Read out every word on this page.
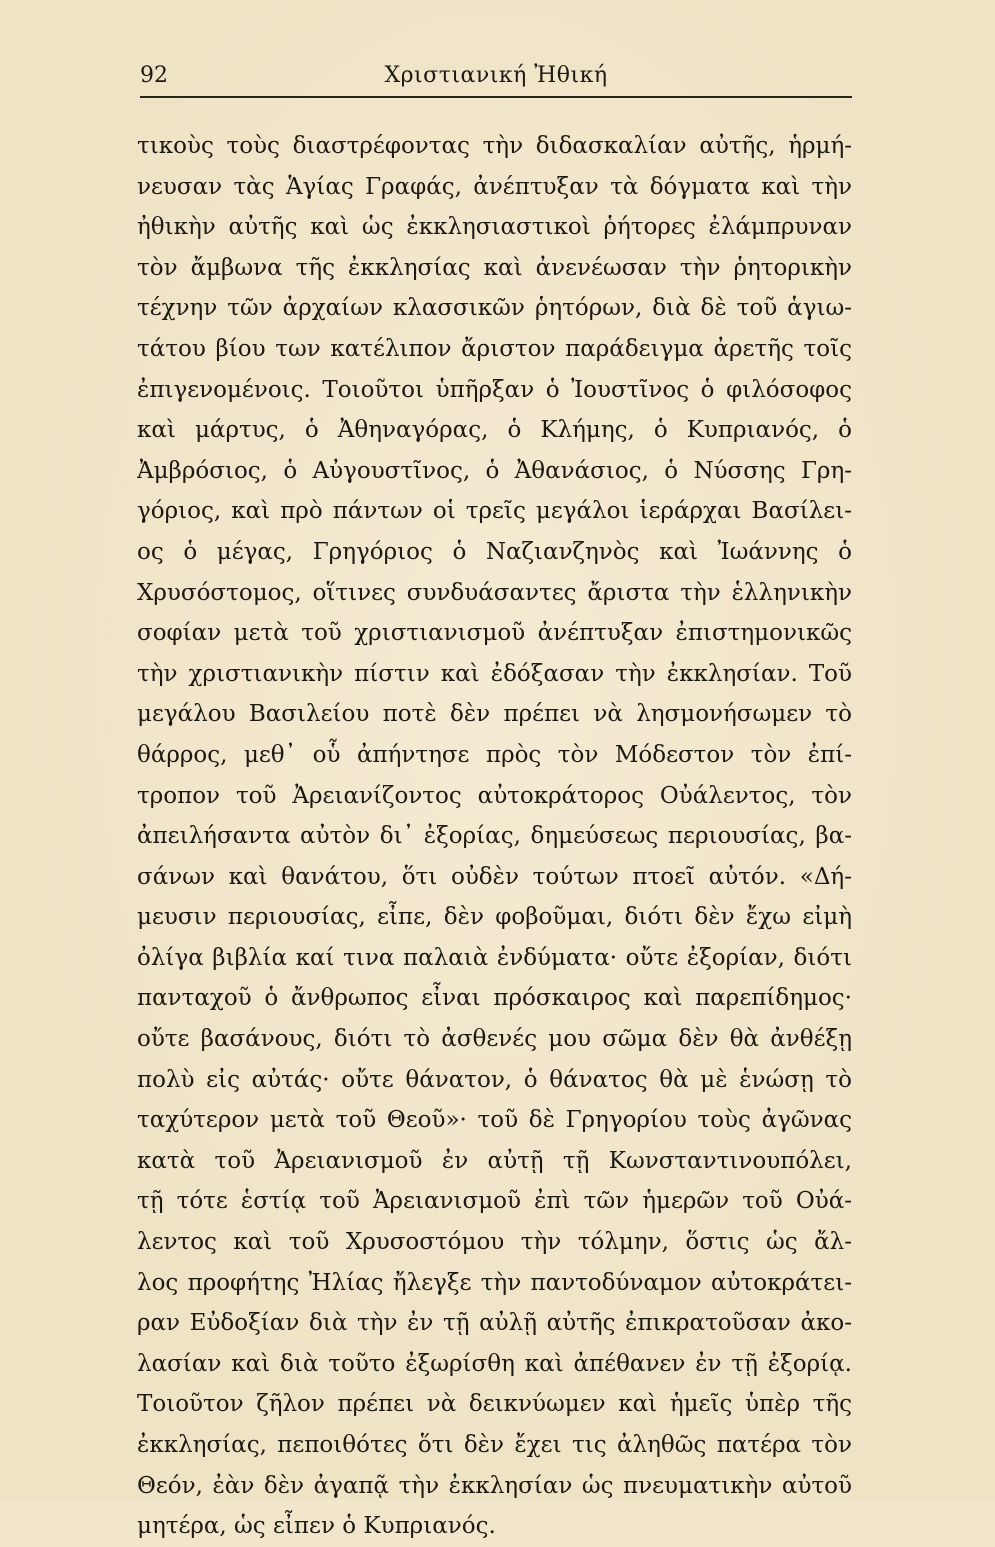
92	Χριστιανική Ἠθική
τικοὺς τοὺς διαστρέφοντας τὴν διδασκαλίαν αὐτῆς, ἡρμή-
νευσαν τὰς Ἁγίας Γραφάς, ἀνέπτυξαν τὰ δόγματα καὶ τὴν
ἠθικὴν αὐτῆς καὶ ὡς ἐκκλησιαστικοὶ ῥήτορες ἐλάμπρυναν
τὸν ἄμβωνα τῆς ἐκκλησίας καὶ ἀνενέωσαν τὴν ῥητορικὴν
τέχνην τῶν ἀρχαίων κλασσικῶν ῥητόρων, διὰ δὲ τοῦ ἁγιω-
τάτου βίου των κατέλιπον ἄριστον παράδειγμα ἀρετῆς τοῖς
ἐπιγενομένοις. Τοιοῦτοι ὑπῆρξαν ὁ Ἰουστῖνος ὁ φιλόσοφος
καὶ μάρτυς, ὁ Ἀθηναγόρας, ὁ Κλήμης, ὁ Κυπριανός, ὁ
Ἀμβρόσιος, ὁ Αὐγουστῖνος, ὁ Ἀθανάσιος, ὁ Νύσσης Γρη-
γόριος, καὶ πρὸ πάντων οἱ τρεῖς μεγάλοι ἱεράρχαι Βασίλει-
ος ὁ μέγας, Γρηγόριος ὁ Ναζιανζηνὸς καὶ Ἰωάννης ὁ
Χρυσόστομος, οἵτινες συνδυάσαντες ἄριστα τὴν ἑλληνικὴν
σοφίαν μετὰ τοῦ χριστιανισμοῦ ἀνέπτυξαν ἐπιστημονικῶς
τὴν χριστιανικὴν πίστιν καὶ ἐδόξασαν τὴν ἐκκλησίαν. Τοῦ
μεγάλου Βασιλείου ποτὲ δὲν πρέπει νὰ λησμονήσωμεν τὸ
θάρρος, μεθ᾽ οὗ ἀπήντησε πρὸς τὸν Μόδεστον τὸν ἐπί-
τροπον τοῦ Ἀρειανίζοντος αὐτοκράτορος Οὐάλεντος, τὸν
ἀπειλήσαντα αὐτὸν δι᾽ ἐξορίας, δημεύσεως περιουσίας, βα-
σάνων καὶ θανάτου, ὅτι οὐδὲν τούτων πτοεῖ αὐτόν. «Δή-
μευσιν περιουσίας, εἶπε, δὲν φοβοῦμαι, διότι δὲν ἔχω εἰμὴ
ὀλίγα βιβλία καί τινα παλαιὰ ἐνδύματα· οὔτε ἐξορίαν, διότι
πανταχοῦ ὁ ἄνθρωπος εἶναι πρόσκαιρος καὶ παρεπίδημος·
οὔτε βασάνους, διότι τὸ ἀσθενές μου σῶμα δὲν θὰ ἀνθέξῃ
πολὺ εἰς αὐτάς· οὔτε θάνατον, ὁ θάνατος θὰ μὲ ἑνώσῃ τὸ
ταχύτερον μετὰ τοῦ Θεοῦ»· τοῦ δὲ Γρηγορίου τοὺς ἀγῶνας
κατὰ τοῦ Ἀρειανισμοῦ ἐν αὐτῇ τῇ Κωνσταντινουπόλει,
τῇ τότε ἑστίᾳ τοῦ Ἀρειανισμοῦ ἐπὶ τῶν ἡμερῶν τοῦ Οὐά-
λεντος καὶ τοῦ Χρυσοστόμου τὴν τόλμην, ὅστις ὡς ἄλ-
λος προφήτης Ἠλίας ἤλεγξε τὴν παντοδύναμον αὐτοκράτει-
ραν Εὐδοξίαν διὰ τὴν ἐν τῇ αὐλῇ αὐτῆς ἐπικρατοῦσαν ἀκο-
λασίαν καὶ διὰ τοῦτο ἐξωρίσθη καὶ ἀπέθανεν ἐν τῇ ἐξορίᾳ.
Τοιοῦτον ζῆλον πρέπει νὰ δεικνύωμεν καὶ ἡμεῖς ὑπὲρ τῆς
ἐκκλησίας, πεποιθότες ὅτι δὲν ἔχει τις ἀληθῶς πατέρα τὸν
Θεόν, ἐὰν δὲν ἀγαπᾷ τὴν ἐκκλησίαν ὡς πνευματικὴν αὐτοῦ
μητέρα, ὡς εἶπεν ὁ Κυπριανός.
